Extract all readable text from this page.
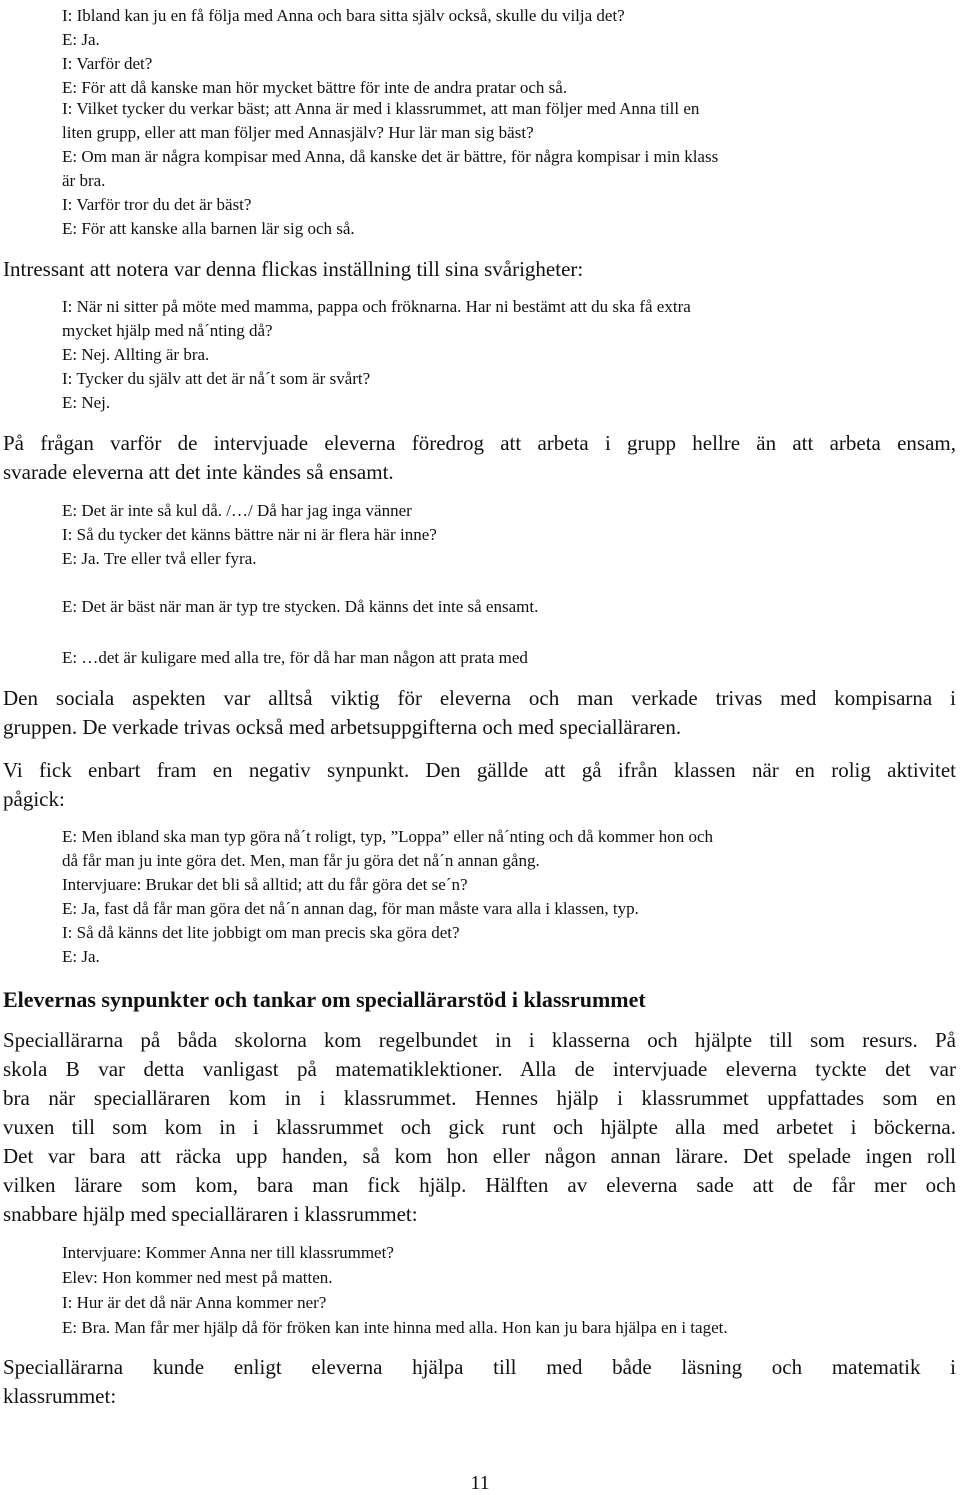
I: Ibland kan ju en få följa med Anna och bara sitta själv också, skulle du vilja det?
E: Ja.
I: Varför det?
E: För att då kanske man hör mycket bättre för inte de andra pratar och så.
I: Vilket tycker du verkar bäst; att Anna är med i klassrummet, att man följer med Anna till en
liten grupp, eller att man följer med Annasjälv? Hur lär man sig bäst?
E: Om man är några kompisar med Anna, då kanske det är bättre, för några kompisar i min klass
är bra.
I: Varför tror du det är bäst?
E: För att kanske alla barnen lär sig och så.
Intressant att notera var denna flickas inställning till sina svårigheter:
I: När ni sitter på möte med mamma, pappa och fröknarna. Har ni bestämt att du ska få extra
mycket hjälp med nå´nting då?
E: Nej. Allting är bra.
I: Tycker du själv att det är nå´t som är svårt?
E: Nej.
På frågan varför de intervjuade eleverna föredrog att arbeta i grupp hellre än att arbeta ensam,
svarade eleverna att det inte kändes så ensamt.
E: Det är inte så kul då. /…/ Då har jag inga vänner
I: Så du tycker det känns bättre när ni är flera här inne?
E: Ja. Tre eller två eller fyra.
E: Det är bäst när man är typ tre stycken. Då känns det inte så ensamt.
E: …det är kuligare med alla tre, för då har man någon att prata med
Den sociala aspekten var alltså viktig för eleverna och man verkade trivas med kompisarna i
gruppen. De verkade trivas också med arbetsuppgifterna och med specialläraren.
Vi fick enbart fram en negativ synpunkt. Den gällde att gå ifrån klassen när en rolig aktivitet
pågick:
E: Men ibland ska man typ göra nå´t roligt, typ, ”Loppa” eller nå´nting och då kommer hon och
då får man ju inte göra det. Men, man får ju göra det nå´n annan gång.
Intervjuare: Brukar det bli så alltid; att du får göra det se´n?
E: Ja, fast då får man göra det nå´n annan dag, för man måste vara alla i klassen, typ.
I: Så då känns det lite jobbigt om man precis ska göra det?
E: Ja.
Elevernas synpunkter och tankar om speciallärarstöd i klassrummet
Speciallärarna på båda skolorna kom regelbundet in i klasserna och hjälpte till som resurs. På
skola B var detta vanligast på matematiklektioner. Alla de intervjuade eleverna tyckte det var
bra när specialläraren kom in i klassrummet. Hennes hjälp i klassrummet uppfattades som en
vuxen till som kom in i klassrummet och gick runt och hjälpte alla med arbetet i böckerna.
Det var bara att räcka upp handen, så kom hon eller någon annan lärare. Det spelade ingen roll
vilken lärare som kom, bara man fick hjälp. Hälften av eleverna sade att de får mer och
snabbare hjälp med specialläraren i klassrummet:
Intervjuare: Kommer Anna ner till klassrummet?
Elev: Hon kommer ned mest på matten.
I: Hur är det då när Anna kommer ner?
E: Bra. Man får mer hjälp då för fröken kan inte hinna med alla. Hon kan ju bara hjälpa en i taget.
Speciallärarna kunde enligt eleverna hjälpa till med både läsning och matematik i
klassrummet:
11
